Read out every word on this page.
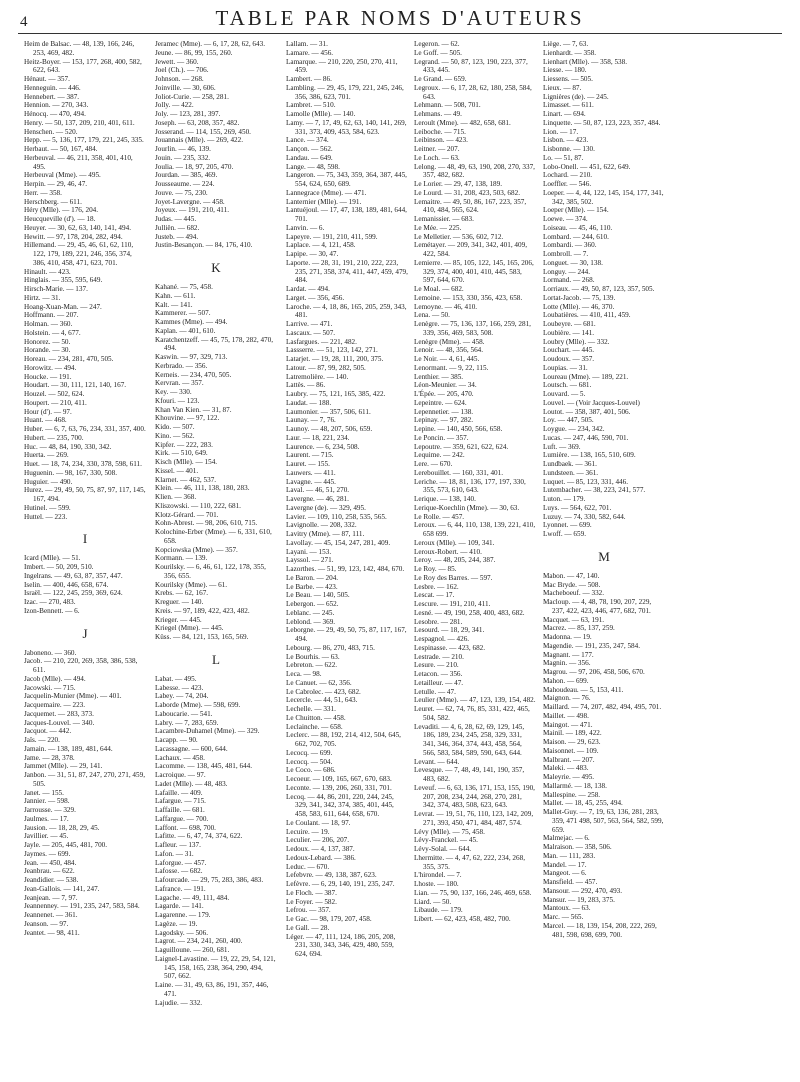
4	TABLE PAR NOMS D'AUTEURS
Heim de Balsac. — 48, 139, 166, 246, 253, 469, 482.
Heitz-Boyer. — 153, 177, 268, 400, 582, 622, 643.
Hénaut. — 357.
Henneguin. — 446.
Hennebert. — 387.
Hennion. — 270, 343.
Hénocq. — 470, 494.
Henry. — 50, 137, 209, 210, 401, 611.
Henschen. — 520.
Hepp. — 5, 136, 177, 179, 221, 245, 335.
Herbaut. — 50, 167, 484.
Herbeuval. — 46, 211, 358, 401, 410, 495.
Herbeuval (Mme). — 495.
Herpin. — 29, 46, 47.
Herr. — 358.
Herschberg. — 611.
Héry (Mlle). — 176, 204.
Heucqueville (d'). — 18.
Heuyer. — 30, 62, 63, 140, 141, 494.
Hewitt. — 97, 178, 204, 282, 494.
Hillemand. — 29, 45, 46, 61, 62, 110, 122, 179, 189, 221, 246, 356, 374, 386, 410, 458, 471, 623, 701.
Hinault. — 423.
Hinglais. — 355, 595, 649.
Hirsch-Marie. — 137.
Hirtz. — 31.
Hoang-Xuan-Man. — 247.
Hoffmann. — 207.
Holman. — 360.
Holstein. — 4, 677.
Honorez. — 50.
Horande. — 30.
Horeau. — 234, 281, 470, 505.
Horowitz. — 494.
Houcke. — 191.
Houdart. — 30, 111, 121, 140, 167.
Houzel. — 502, 624.
Houpert. — 210, 411.
Hour (d'). — 97.
Huant. — 468.
Huber. — 6, 7, 63, 76, 234, 331, 357, 400.
Hubert. — 235, 700.
Huc. — 48, 84, 190, 330, 342.
Huerta. — 269.
Huet. — 18, 74, 234, 330, 378, 598, 611.
Huguenin. — 98, 167, 330, 508.
Huguier. — 490.
Hurez. — 29, 49, 50, 75, 87, 97, 117, 145, 167, 494.
Hutinel. — 599.
Huttel. — 223.
I
Icard (Mlle). — 51.
Imbert. — 50, 209, 510.
Ingelrans. — 49, 63, 87, 357, 447.
Iselin. — 400, 446, 658, 674.
Israël. — 122, 245, 259, 369, 624.
Izac. — 270, 483.
Izon-Bennett. — 6.
J
Jaboneno. — 360.
Jacob. — 210, 220, 269, 358, 386, 538, 611.
Jacob (Mlle). — 494.
Jacowski. — 715.
Jacquelin-Munier (Mme). — 401.
Jacquemaire. — 223.
Jacquemet. — 283, 373.
Jacques-Louvel. — 340.
Jacquot. — 442.
Jaïs. — 220.
Jamain. — 138, 189, 481, 644.
Jame. — 28, 378.
Jammet (Mlle). — 29, 141.
Janbon. — 31, 51, 87, 247, 270, 271, 459, 505.
Janet. — 155.
Jannier. — 598.
Jarrousse. — 329.
Jaulmes. — 17.
Jausion. — 18, 28, 29, 45.
Javillier. — 45.
Jayle. — 205, 445, 481, 700.
Jaymes. — 699.
Jean. — 450, 484.
Jeanbrau. — 622.
Jeandidier. — 538.
Jean-Gallois. — 141, 247.
Jeanjean. — 7, 97.
Jeannenney. — 191, 235, 247, 583, 584.
Jeannenet. — 361.
Jeanson. — 97.
Jeantet. — 98, 411.
Jeramec (Mme). — 6, 17, 28, 62, 643.
Jeune. — 86, 99, 155, 260.
Jewett. — 360.
Joel (Ch.). — 706.
Johnson. — 268.
Joinville. — 30, 606.
Joliot-Curie. — 258, 281.
Jolly. — 422.
Joly. — 123, 281, 397.
Joseph. — 63, 208, 357, 482.
Josserand. — 114, 155, 269, 450.
Jouannais (Mlle). — 269, 422.
Jourlin. — 46, 139.
Jouin. — 235, 332.
Joulia. — 18, 97, 205, 470.
Jourdan. — 385, 469.
Jousseaume. — 224.
Jouve. — 75, 230.
Joyet-Lavergne. — 458.
Joyeux. — 191, 210, 411.
Judas. — 445.
Julliën. — 682.
Justeb. — 494.
Justin-Besançon. — 84, 176, 410.
K
Kahané. — 75, 458.
Kahn. — 611.
Kalt. — 141.
Kammerer. — 507.
Kammes (Mme). — 494.
Kaplan. — 401, 610.
Karatchentzeff. — 45, 75, 178, 282, 470, 494.
Kaswin. — 97, 329, 713.
Kerbrado. — 356.
Kerneis. — 234, 470, 505.
Kervran. — 357.
Key. — 330.
Kfouri. — 123.
Khan Van Kien. — 31, 87.
Khouvine. — 97, 122.
Kido. — 507.
Kino. — 562.
Kipfer. — 222, 283.
Kirk. — 510, 649.
Kisch (Mlle). — 154.
Kissel. — 401.
Klarnet. — 462, 537.
Klein. — 46, 111, 138, 180, 283.
Klien. — 368.
Kliszowski. — 110, 222, 681.
Klotz-Gérard. — 701.
Kohn-Abrest. — 98, 206, 610, 715.
Kolochine-Erber (Mme). — 6, 331, 610, 658.
Kopciowska (Mme). — 357.
Kormann. — 139.
Kourilsky. — 6, 46, 61, 122, 178, 355, 356, 655.
Kourilsky (Mme). — 61.
Krebs. — 62, 167.
Kreguer. — 140.
Kreis. — 97, 189, 422, 423, 482.
Krieger. — 445.
Kriegel (Mme). — 445.
Küss. — 84, 121, 153, 165, 569.
L
Labat. — 495.
Labesse. — 423.
Labey. — 74, 204.
Laborde (Mme). — 598, 699.
Laboucarie. — 541.
Labry. — 7, 283, 659.
Lacambre-Duhamel (Mme). — 329.
Lacapp. — 90.
Lacassagne. — 600, 644.
Lachaux. — 458.
Lacomme. — 138, 445, 481, 644.
Lacroique. — 97.
Ladet (Mlle). — 48, 483.
Lafaille. — 409.
Lafargue. — 715.
Laffaille. — 681.
Laffargue. — 700.
Laffont. — 698, 700.
Lafitte. — 6, 47, 74, 374, 622.
Lafleur. — 137.
Lafon. — 31.
Laforgue. — 457.
Lafosse. — 682.
Lafourcade. — 29, 75, 283, 386, 483.
Lafrance. — 191.
Lagache. — 49, 111, 484.
Lagarde. — 141.
Lagarenne. — 179.
Lagèze. — 19.
Lagodsky. — 506.
Lagrot. — 234, 241, 260, 400.
Laguilloune. — 260, 681.
Laignel-Lavastine. — 19, 22, 29, 54, 121, 145, 158, 165, 238, 364, 290, 494, 507, 662.
Laine. — 31, 49, 63, 86, 191, 357, 446, 471.
Lajudie. — 332.
Lallam. — 31.
Lamare. — 456.
Lamarque. — 210, 220, 250, 270, 411, 459.
Lambert. — 86.
Lambling. — 29, 45, 179, 221, 245, 246, 356, 386, 623, 701.
Lambret. — 510.
Lamolle (Mlle). — 140.
Lamy. — 7, 17, 49, 62, 63, 140, 141, 269, 331, 373, 409, 453, 584, 623.
Lance. — 374.
Lançon. — 562.
Landau. — 649.
Lange. — 48, 598.
Langeron. — 75, 343, 359, 364, 387, 445, 554, 624, 650, 689.
Lannegrace (Mme). — 471.
Lanternier (Mlle). — 191.
Lantuéjoul. — 17, 47, 138, 189, 481, 644, 701.
Lanvin. — 6.
Lapeyre. — 191, 210, 411, 599.
Laplace. — 4, 121, 458.
Lapipe. — 30, 47.
Laporte. — 28, 31, 191, 210, 222, 223, 235, 271, 358, 374, 411, 447, 459, 479, 484.
Lardat. — 494.
Larget. — 356, 456.
Laroche. — 4, 18, 86, 165, 205, 259, 343, 481.
Larrive. — 471.
Lascaux. — 507.
Lasfargues. — 221, 482.
Lassserre. — 51, 123, 142, 271.
Latarjet. — 19, 28, 111, 200, 375.
Latour. — 87, 99, 282, 505.
Latremolière. — 140.
Lattès. — 86.
Laubry. — 75, 121, 165, 385, 422.
Laudat. — 188.
Laumonier. — 357, 506, 611.
Launay. — 7, 76.
Launoy. — 48, 207, 506, 659.
Laur. — 18, 221, 234.
Laurence. — 6, 234, 508.
Laurent. — 715.
Lauret. — 155.
Lauwers. — 411.
Lavagne. — 445.
Laval. — 46, 51, 270.
Lavergne. — 46, 281.
Lavergne (de). — 329, 495.
Lavier. — 109, 110, 258, 535, 565.
Lavignolle. — 208, 332.
Lavitry (Mme). — 87, 111.
Lavollay. — 45, 154, 247, 281, 409.
Layani. — 153.
Layssol. — 271.
Lazorthes. — 51, 99, 123, 142, 484, 670.
Le Baron. — 204.
Le Barbe. — 423.
Le Beau. — 140, 505.
Lebergon. — 652.
Leblanc. — 245.
Leblond. — 369.
Leborgne. — 29, 49, 50, 75, 87, 117, 167, 494.
Lebourg. — 86, 270, 483, 715.
Le Bourhis. — 63.
Lebreton. — 622.
Leca. — 98.
Le Canuet. — 62, 356.
Le Cabrolec. — 423, 682.
Lecercle. — 44, 51, 643.
Lechelle. — 331.
Le Chuitton. — 458.
Leclainche. — 658.
Leclerc. — 88, 192, 214, 412, 504, 645, 662, 702, 705.
Lecocq. — 699.
Lecocq. — 504.
Le Coco. — 686.
Lecoeur. — 109, 165, 667, 670, 683.
Leconte. — 139, 206, 260, 331, 701.
Lecoq. — 44, 86, 201, 220, 244, 245, 329, 341, 342, 374, 385, 401, 445, 458, 583, 611, 644, 658, 670.
Le Coulant. — 18, 97.
Lecuire. — 19.
Leculier. — 206, 207.
Ledoux. — 4, 137, 387.
Ledoux-Lebard. — 386.
Leduc. — 670.
Lefebvre. — 49, 138, 387, 623.
Lefèvre. — 6, 29, 140, 191, 235, 247.
Le Floch. — 387.
Le Foyer. — 582.
Lefrou. — 357.
Le Gac. — 98, 179, 207, 458.
Le Gall. — 28.
Léger. — 47, 111, 124, 186, 205, 208, 231, 330, 343, 346, 429, 480, 559, 624, 694.
Legeron. — 62.
Le Goff. — 505.
Legrand. — 50, 87, 123, 190, 223, 377, 433, 445.
Le Grand. — 659.
Legroux. — 6, 17, 28, 62, 180, 258, 584, 643.
Lehmann. — 508, 701.
Lehmans. — 49.
Leroult (Mme). — 482, 658, 681.
Leiboche. — 715.
Leibinson. — 423.
Leitner. — 207.
Le Loch. — 63.
Lelong. — 48, 49, 63, 190, 208, 270, 337, 357, 482, 682.
Le Lorier. — 29, 47, 138, 189.
Le Lourd. — 31, 208, 423, 503, 682.
Lemaitre. — 49, 50, 86, 167, 223, 357, 410, 484, 565, 624.
Lemanissier. — 683.
Le Mée. — 225.
Le Melletier. — 536, 602, 712.
Lemétayer. — 209, 341, 342, 401, 409, 422, 584.
Lemierre. — 85, 105, 122, 145, 165, 206, 329, 374, 400, 401, 410, 445, 583, 597, 644, 670.
Le Moal. — 682.
Lemoine. — 153, 330, 356, 423, 658.
Lemoyne. — 46, 410.
Lena. — 50.
Lenègre. — 75, 136, 137, 166, 259, 281, 339, 356, 469, 583, 508.
Lenègre (Mme). — 458.
Lenoir. — 48, 356, 564.
Le Noir. — 4, 61, 445.
Lenormant. — 9, 22, 115.
Lenthier. — 385.
Léon-Meunier. — 34.
L'Épée. — 205, 470.
Lepeintre. — 624.
Lepennetier. — 138.
Lepinay. — 97, 282.
Lepine. — 140, 450, 566, 658.
Le Poncin. — 357.
Lepoutre. — 359, 621, 622, 624.
Lequime. — 242.
Lere. — 670.
Lerebouillet. — 160, 331, 401.
Leriche. — 18, 81, 136, 177, 197, 330, 355, 573, 610, 643.
Lerique. — 138, 140.
Lerique-Koechlin (Mme). — 30, 63.
Le Rolle. — 457.
Leroux. — 6, 44, 110, 138, 139, 221, 410, 658 699.
Leroux (Mlle). — 109, 341.
Leroux-Robert. — 410.
Leroy. — 48, 205, 244, 387.
Le Roy. — 85.
Le Roy des Barres. — 597.
Lesbre. — 162.
Lescat. — 17.
Lescure. — 191, 210, 411.
Lesné. — 49, 190, 258, 400, 483, 682.
Lesobre. — 281.
Lesourd. — 18, 29, 341.
Lespagnol. — 426.
Lespinasse. — 423, 682.
Lestrade. — 210.
Lesure. — 210.
Letacon. — 356.
Letailleur. — 47.
Letulle. — 47.
Leulier (Mme). — 47, 123, 139, 154, 482.
Leuret. — 62, 74, 76, 85, 331, 422, 465, 504, 582.
Levaditi. — 4, 6, 28, 62, 69, 129, 145, 186, 189, 234, 245, 258, 329, 331, 341, 346, 364, 374, 443, 458, 564, 566, 583, 584, 589, 590, 643, 644.
Levant. — 644.
Levesque. — 7, 48, 49, 141, 190, 357, 483, 682.
Leveuf. — 6, 63, 136, 171, 153, 155, 190, 207, 208, 234, 244, 268, 270, 281, 342, 374, 483, 508, 623, 643.
Levrat. — 19, 51, 76, 110, 123, 142, 209, 271, 393, 450, 471, 484, 487, 574.
Lévy (Mlle). — 75, 458.
Lévy-Franckel. — 45.
Lévy-Solal. — 644.
Lhermitte. — 4, 47, 62, 222, 234, 268, 355, 375.
L'hirondel. — 7.
Lhoste. — 180.
Lian. — 75, 90, 137, 166, 246, 469, 658.
Liard. — 50.
Libaude. — 179.
Libert. — 62, 423, 458, 482, 700.
Liège. — 7, 63.
Lienhardt. — 358.
Lienhart (Mlle). — 358, 538.
Liesse. — 180.
Liessens. — 505.
Lieux. — 87.
Lignières (de). — 245.
Limasset. — 611.
Linart. — 694.
Linquette. — 50, 87, 123, 223, 357, 484.
Lion. — 17.
Lisbon. — 423.
Lisbonne. — 130.
Lo. — 51, 87.
Lobo-Onell. — 451, 622, 649.
Lochard. — 210.
Loeffler. — 546.
Loeper. — 4, 44, 122, 145, 154, 177, 341, 342, 385, 502.
Loeper (Mlle). — 154.
Loewe. — 374.
Loiseau. — 45, 46, 110.
Lombard. — 244, 610.
Lombardi. — 360.
Lombroll. — 7.
Longuet. — 30, 138.
Longuy. — 244.
Lormand. — 268.
Lorriaux. — 49, 50, 87, 123, 357, 505.
Lortat-Jacob. — 75, 139.
Lotte (Mlle). — 46, 370.
Loubatières. — 410, 411, 459.
Loubeyre. — 681.
Loubière. — 141.
Loubry (Mlle). — 332.
Louchart. — 445.
Loudoux. — 357.
Loupias. — 31.
Loureau (Mme). — 189, 221.
Loutsch. — 681.
Louvard. — 5.
Louvel. — (Voir Jacques-Louvel)
Loutot. — 358, 387, 401, 506.
Loy. — 447, 505.
Loygue. — 234, 342.
Lucas. — 247, 446, 590, 701.
Luft. — 369.
Lumière. — 138, 165, 510, 609.
Lundbaek. — 361.
Lundsteen. — 361.
Luquet. — 85, 123, 331, 446.
Lutembacher. — 38, 223, 241, 577.
Luton. — 179.
Luys. — 564, 622, 701.
Luzuy. — 74, 330, 582, 644.
Lyonnet. — 699.
Lwoff. — 659.
M
Mabon. — 47, 140.
Mac Bryde. — 508.
Macheboeuf. — 332.
Macloup. — 4, 48, 78, 190, 207, 229, 237, 422, 423, 446, 477, 682, 701.
Macquet. — 63, 191.
Macrez. — 85, 137, 259.
Madonna. — 19.
Magendie. — 191, 235, 247, 584.
Magnant. — 177.
Magnin. — 356.
Magrou. — 97, 206, 458, 506, 670.
Mahon. — 699.
Mahoudeau. — 5, 153, 411.
Maignon. — 76.
Maillard. — 74, 207, 482, 494, 495, 701.
Maillet. — 498.
Maingot. — 471.
Mainil. — 189, 422.
Maison. — 29, 623.
Maisonnet. — 109.
Malbrant. — 207.
Maleki. — 483.
Maleyrie. — 495.
Mallarmé. — 18, 138.
Mallespine. — 258.
Mallet. — 18, 45, 255, 494.
Mallet-Guy. — 7, 19, 63, 136, 281, 283, 359, 471 498, 507, 563, 564, 582, 599, 659.
Malmejac. — 6.
Malraison. — 358, 506.
Man. — 111, 283.
Mandel. — 17.
Mangeot. — 6.
Mansfield. — 457.
Mansour. — 292, 470, 493.
Mansur. — 19, 283, 375.
Mantoux. — 63.
Marc. — 565.
Marcel. — 18, 139, 154, 208, 222, 269, 481, 598, 698, 699, 700.
